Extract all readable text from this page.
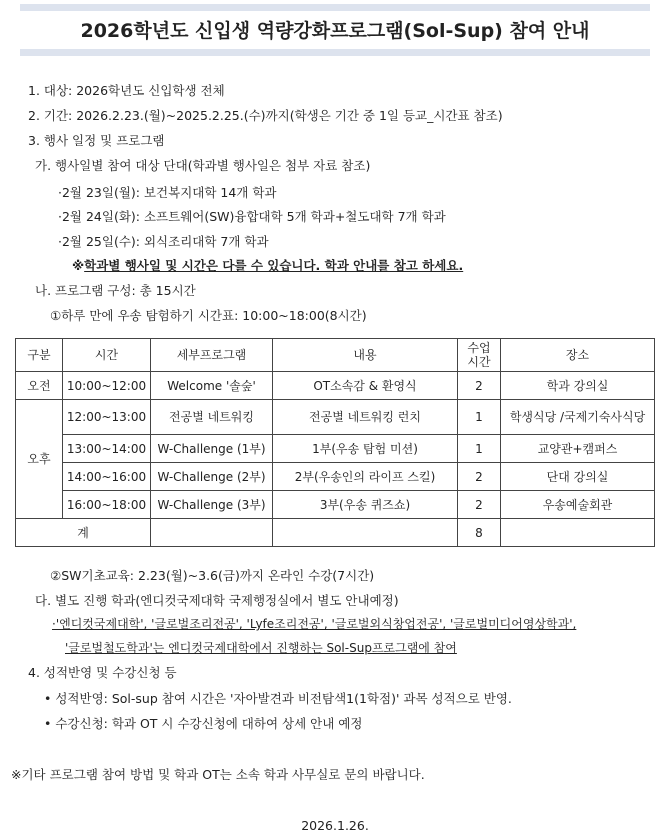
2026학년도 신입생 역량강화프로그램(Sol-Sup) 참여 안내
1. 대상: 2026학년도 신입학생 전체
2. 기간: 2026.2.23.(월)~2025.2.25.(수)까지(학생은 기간 중 1일 등교_시간표 참조)
3. 행사 일정 및 프로그램
가. 행사일별 참여 대상 단대(학과별 행사일은 첨부 자료 참조)
·2월 23일(월): 보건복지대학 14개 학과
·2월 24일(화): 소프트웨어(SW)융합대학 5개 학과+철도대학 7개 학과
·2월 25일(수): 외식조리대학 7개 학과
※학과별 행사일 및 시간은 다를 수 있습니다. 학과 안내를 참고 하세요.
나. 프로그램 구성: 총 15시간
①하루 만에 우송 탐험하기 시간표: 10:00~18:00(8시간)
구분	시간	세부프로그램	내용	수업 시간	장소
오전	10:00~12:00	Welcome '솔숲'	OT소속감 & 환영식	2	학과 강의실
오후	12:00~13:00	전공별 네트워킹	전공별 네트워킹 런치	1	학생식당 /국제기숙사식당
	13:00~14:00	W-Challenge (1부)	1부(우송 탐험 미션)	1	교양관+캠퍼스
	14:00~16:00	W-Challenge (2부)	2부(우송인의 라이프 스킬)	2	단대 강의실
	16:00~18:00	W-Challenge (3부)	3부(우송 퀴즈쇼)	2	우송예술회관
계				8	
②SW기초교육: 2.23(월)~3.6(금)까지 온라인 수강(7시간)
다. 별도 진행 학과(엔디컷국제대학 국제행정실에서 별도 안내예정)
·'엔디컷국제대학', '글로벌조리전공', 'Lyfe조리전공', '글로벌외식창업전공', '글로벌미디어영상학과',
'글로벌철도학과'는 엔디컷국제대학에서 진행하는 Sol-Sup프로그램에 참여
4. 성적반영 및 수강신청 등
• 성적반영: Sol-sup 참여 시간은 '자아발견과 비전탐색1(1학점)' 과목 성적으로 반영.
• 수강신청: 학과 OT 시 수강신청에 대하여 상세 안내 예정
※기타 프로그램 참여 방법 및 학과 OT는 소속 학과 사무실로 문의 바랍니다.
2026.1.26.
